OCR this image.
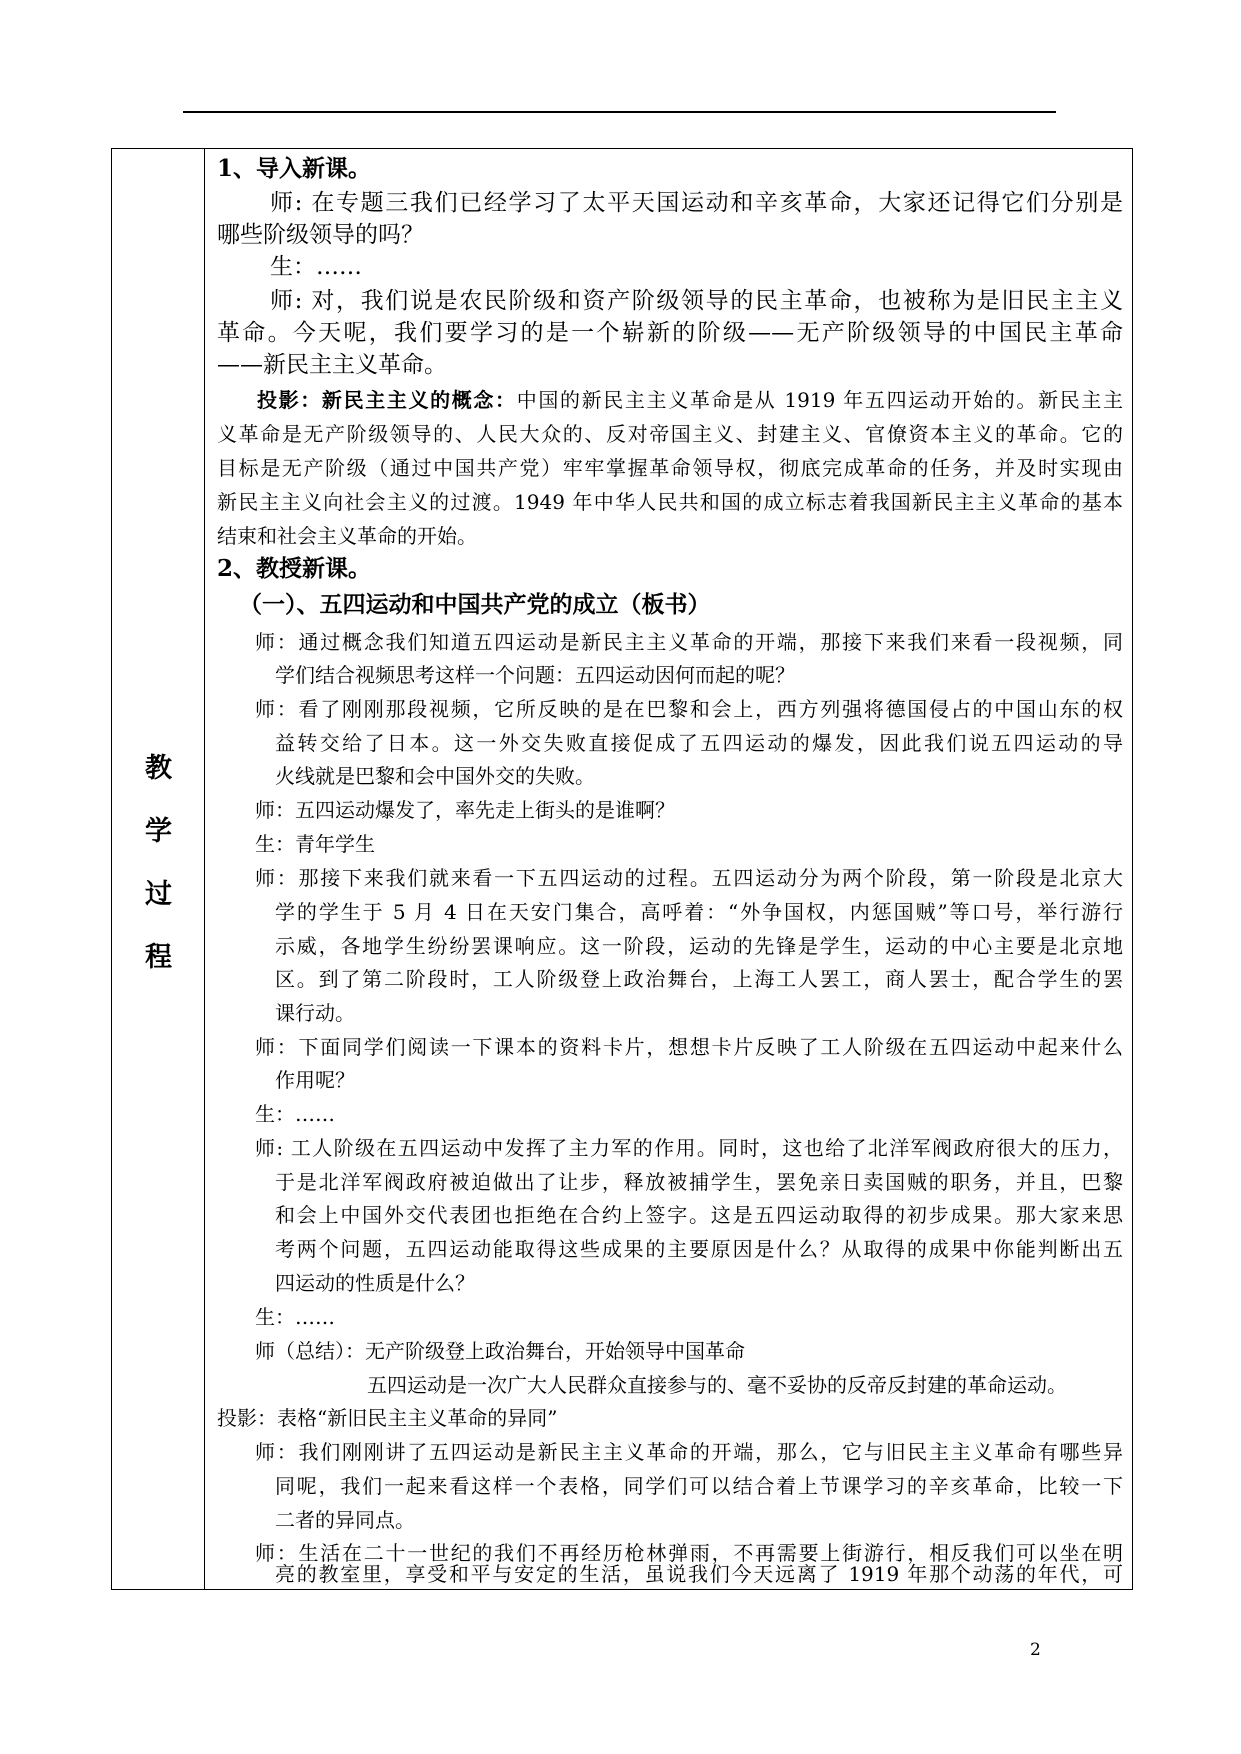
教
学
过
程
1、导入新课。
师: 在专题三我们已经学习了太平天国运动和辛亥革命，大家还记得它们分别是
哪些阶级领导的吗？
生：……
师: 对，我们说是农民阶级和资产阶级领导的民主革命，也被称为是旧民主主义
革命。今天呢，我们要学习的是一个崭新的阶级——无产阶级领导的中国民主革命
——新民主主义革命。
投影：新民主主义的概念：中国的新民主主义革命是从 1919 年五四运动开始的。新民主主
义革命是无产阶级领导的、人民大众的、反对帝国主义、封建主义、官僚资本主义的革命。它的
目标是无产阶级（通过中国共产党）牢牢掌握革命领导权，彻底完成革命的任务，并及时实现由
新民主主义向社会主义的过渡。1949 年中华人民共和国的成立标志着我国新民主主义革命的基本
结束和社会主义革命的开始。
2、教授新课。
（一）、五四运动和中国共产党的成立（板书）
师：通过概念我们知道五四运动是新民主主义革命的开端，那接下来我们来看一段视频，同
学们结合视频思考这样一个问题：五四运动因何而起的呢？
师：看了刚刚那段视频，它所反映的是在巴黎和会上，西方列强将德国侵占的中国山东的权
益转交给了日本。这一外交失败直接促成了五四运动的爆发，因此我们说五四运动的导
火线就是巴黎和会中国外交的失败。
师：五四运动爆发了，率先走上街头的是谁啊？
生：青年学生
师：那接下来我们就来看一下五四运动的过程。五四运动分为两个阶段，第一阶段是北京大
学的学生于 5 月 4 日在天安门集合，高呼着：“外争国权，内惩国贼”等口号，举行游行
示威，各地学生纷纷罢课响应。这一阶段，运动的先锋是学生，运动的中心主要是北京地
区。到了第二阶段时，工人阶级登上政治舞台，上海工人罢工，商人罢士，配合学生的罢
课行动。
师：下面同学们阅读一下课本的资料卡片，想想卡片反映了工人阶级在五四运动中起来什么
作用呢？
生：……
师: 工人阶级在五四运动中发挥了主力军的作用。同时，这也给了北洋军阀政府很大的压力，
于是北洋军阀政府被迫做出了让步，释放被捕学生，罢免亲日卖国贼的职务，并且，巴黎
和会上中国外交代表团也拒绝在合约上签字。这是五四运动取得的初步成果。那大家来思
考两个问题，五四运动能取得这些成果的主要原因是什么？从取得的成果中你能判断出五
四运动的性质是什么？
生：……
师（总结）：无产阶级登上政治舞台，开始领导中国革命
五四运动是一次广大人民群众直接参与的、毫不妥协的反帝反封建的革命运动。
投影：表格“新旧民主主义革命的异同”
师：我们刚刚讲了五四运动是新民主主义革命的开端，那么，它与旧民主主义革命有哪些异
同呢，我们一起来看这样一个表格，同学们可以结合着上节课学习的辛亥革命，比较一下
二者的异同点。
师：生活在二十一世纪的我们不再经历枪林弹雨，不再需要上街游行，相反我们可以坐在明
亮的教室里，享受和平与安定的生活，虽说我们今天远离了 1919 年那个动荡的年代，可
2
